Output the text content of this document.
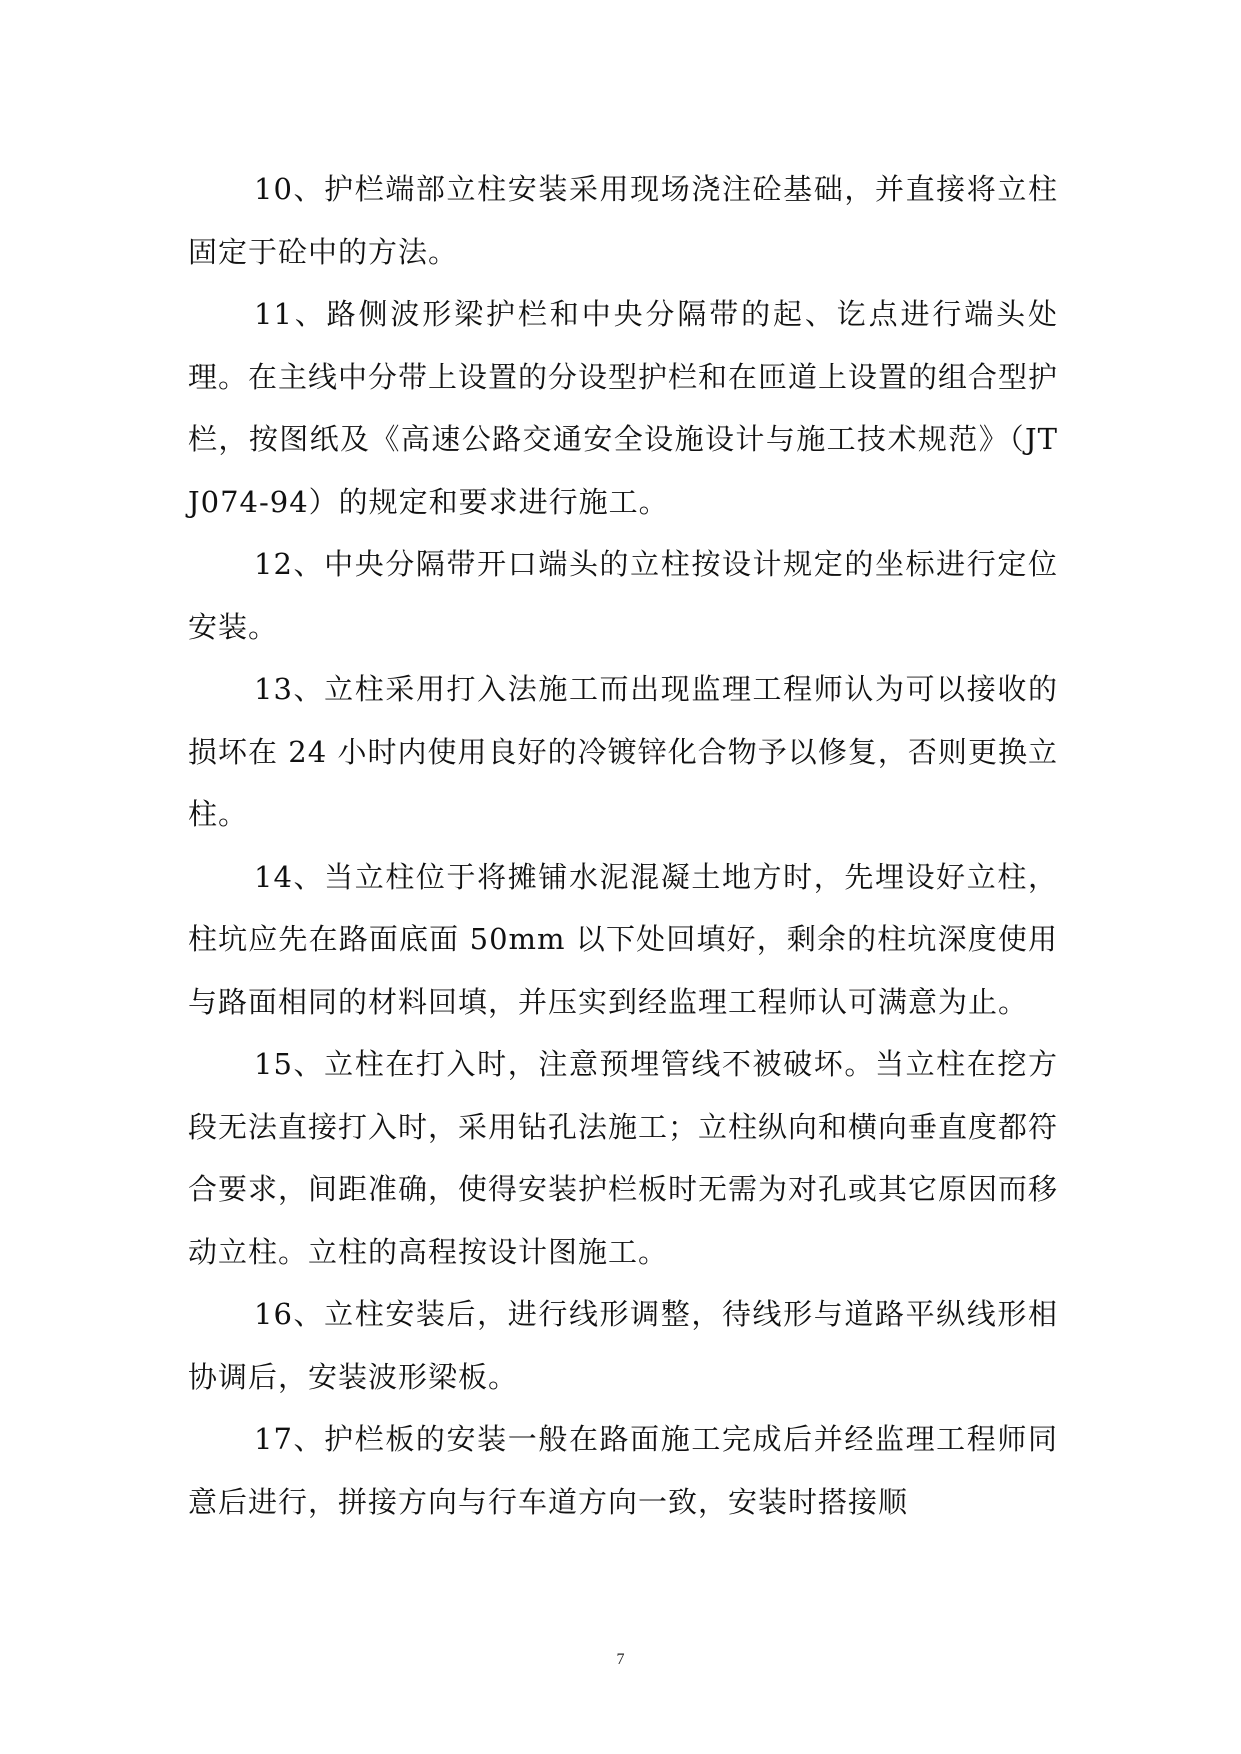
10、护栏端部立柱安装采用现场浇注砼基础，并直接将立柱固定于砼中的方法。

11、路侧波形梁护栏和中央分隔带的起、讫点进行端头处理。在主线中分带上设置的分设型护栏和在匝道上设置的组合型护栏，按图纸及《高速公路交通安全设施设计与施工技术规范》（JTJ074-94）的规定和要求进行施工。

12、中央分隔带开口端头的立柱按设计规定的坐标进行定位安装。

13、立柱采用打入法施工而出现监理工程师认为可以接收的损坏在 24 小时内使用良好的冷镀锌化合物予以修复，否则更换立柱。

14、当立柱位于将摊铺水泥混凝土地方时，先埋设好立柱，柱坑应先在路面底面 50mm 以下处回填好，剩余的柱坑深度使用与路面相同的材料回填，并压实到经监理工程师认可满意为止。

15、立柱在打入时，注意预埋管线不被破坏。当立柱在挖方段无法直接打入时，采用钻孔法施工；立柱纵向和横向垂直度都符合要求，间距准确，使得安装护栏板时无需为对孔或其它原因而移动立柱。立柱的高程按设计图施工。

16、立柱安装后，进行线形调整，待线形与道路平纵线形相协调后，安装波形梁板。

17、护栏板的安装一般在路面施工完成后并经监理工程师同意后进行，拼接方向与行车道方向一致，安装时搭接顺

7
